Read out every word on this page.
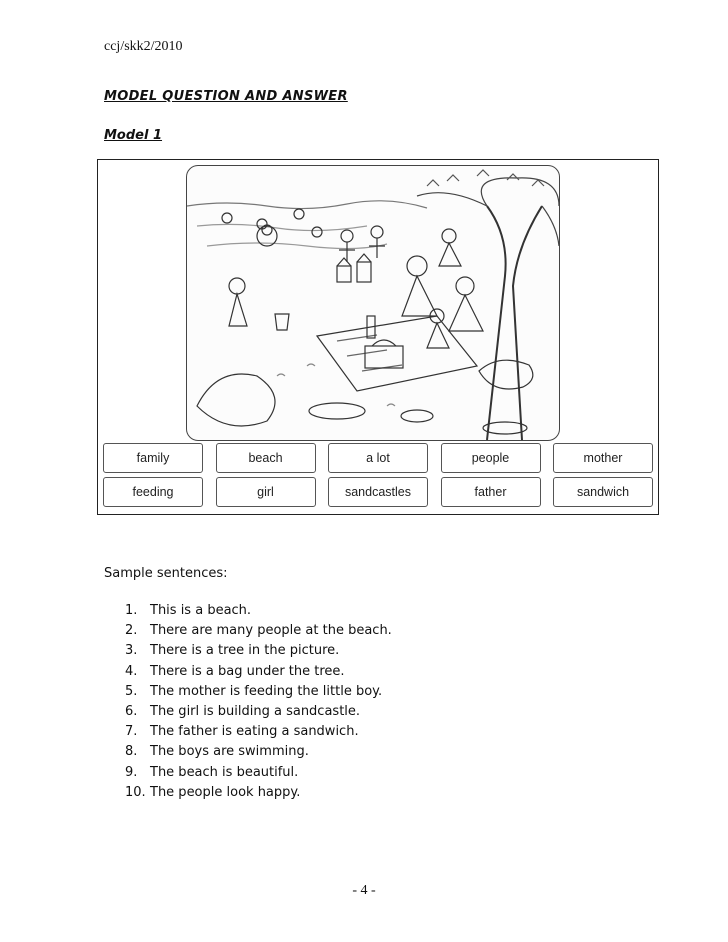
ccj/skk2/2010
MODEL QUESTION AND ANSWER
Model 1
family	beach	a lot	people	mother
feeding	girl	sandcastles	father	sandwich
Sample sentences:
1. This is a beach.
2. There are many people at the beach.
3. There is a tree in the picture.
4. There is a bag under the tree.
5. The mother is feeding the little boy.
6. The girl is building a sandcastle.
7. The father is eating a sandwich.
8. The boys are swimming.
9. The beach is beautiful.
10. The people look happy.
- 4 -
